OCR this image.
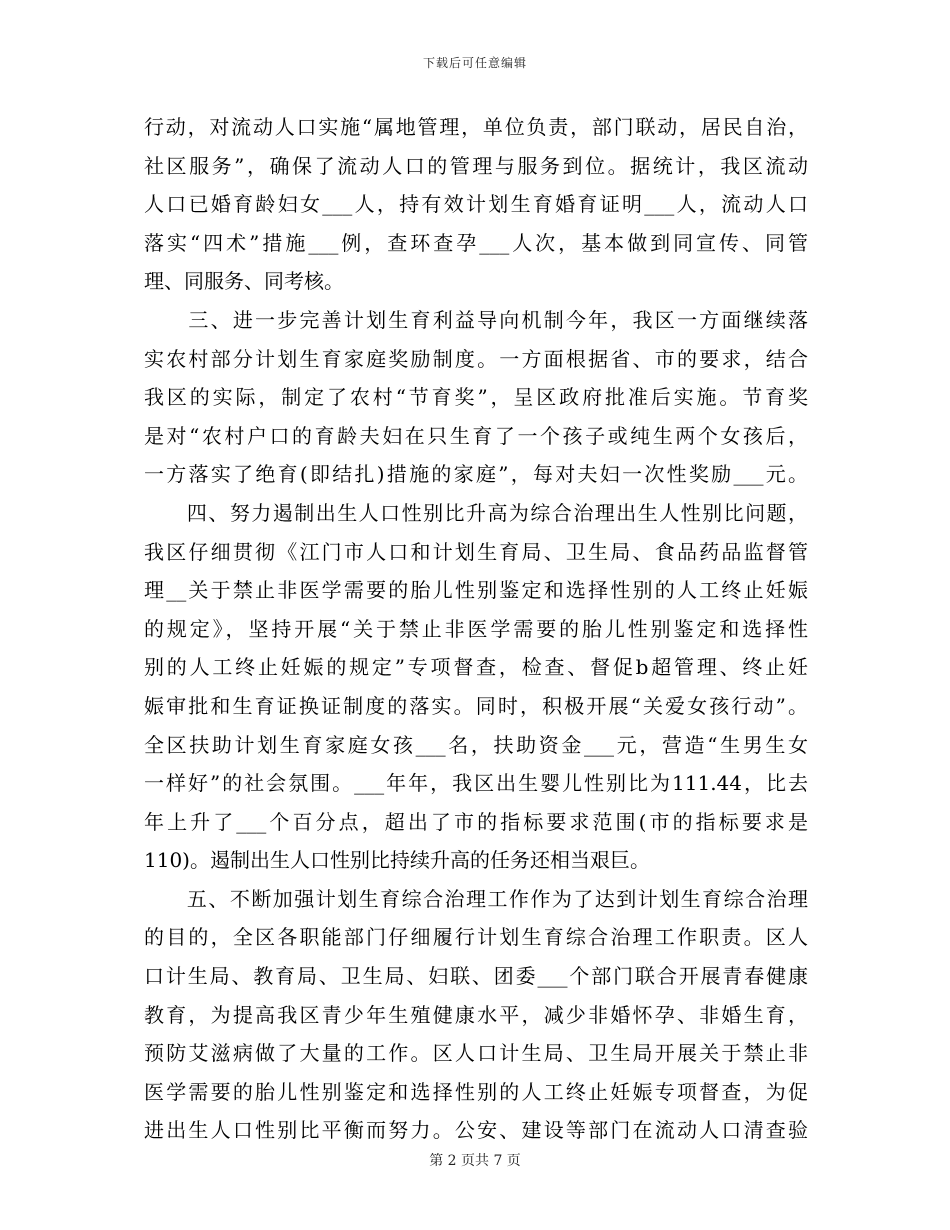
下载后可任意编辑
行动，对流动人口实施“属地管理，单位负责，部门联动，居民自治，
社区服务”，确保了流动人口的管理与服务到位。据统计，我区流动
人口已婚育龄妇女___人，持有效计划生育婚育证明___人，流动人口
落实“四术”措施___例，查环查孕___人次，基本做到同宣传、同管
理、同服务、同考核。
　　三、进一步完善计划生育利益导向机制今年，我区一方面继续落
实农村部分计划生育家庭奖励制度。一方面根据省、市的要求，结合
我区的实际，制定了农村“节育奖”，呈区政府批准后实施。节育奖
是对“农村户口的育龄夫妇在只生育了一个孩子或纯生两个女孩后，
一方落实了绝育(即结扎)措施的家庭”，每对夫妇一次性奖励___元。
　　四、努力遏制出生人口性别比升高为综合治理出生人性别比问题，
我区仔细贯彻《江门市人口和计划生育局、卫生局、食品药品监督管
理__关于禁止非医学需要的胎儿性别鉴定和选择性别的人工终止妊娠
的规定》，坚持开展“关于禁止非医学需要的胎儿性别鉴定和选择性
别的人工终止妊娠的规定”专项督查，检查、督促b超管理、终止妊
娠审批和生育证换证制度的落实。同时，积极开展“关爱女孩行动”。
全区扶助计划生育家庭女孩___名，扶助资金___元，营造“生男生女
一样好”的社会氛围。___年年，我区出生婴儿性别比为111.44，比去
年上升了___个百分点，超出了市的指标要求范围(市的指标要求是
110)。遏制出生人口性别比持续升高的任务还相当艰巨。
　　五、不断加强计划生育综合治理工作作为了达到计划生育综合治理
的目的，全区各职能部门仔细履行计划生育综合治理工作职责。区人
口计生局、教育局、卫生局、妇联、团委___个部门联合开展青春健康
教育，为提高我区青少年生殖健康水平，减少非婚怀孕、非婚生育，
预防艾滋病做了大量的工作。区人口计生局、卫生局开展关于禁止非
医学需要的胎儿性别鉴定和选择性别的人工终止妊娠专项督查，为促
进出生人口性别比平衡而努力。公安、建设等部门在流动人口清查验
第 2 页共 7 页
